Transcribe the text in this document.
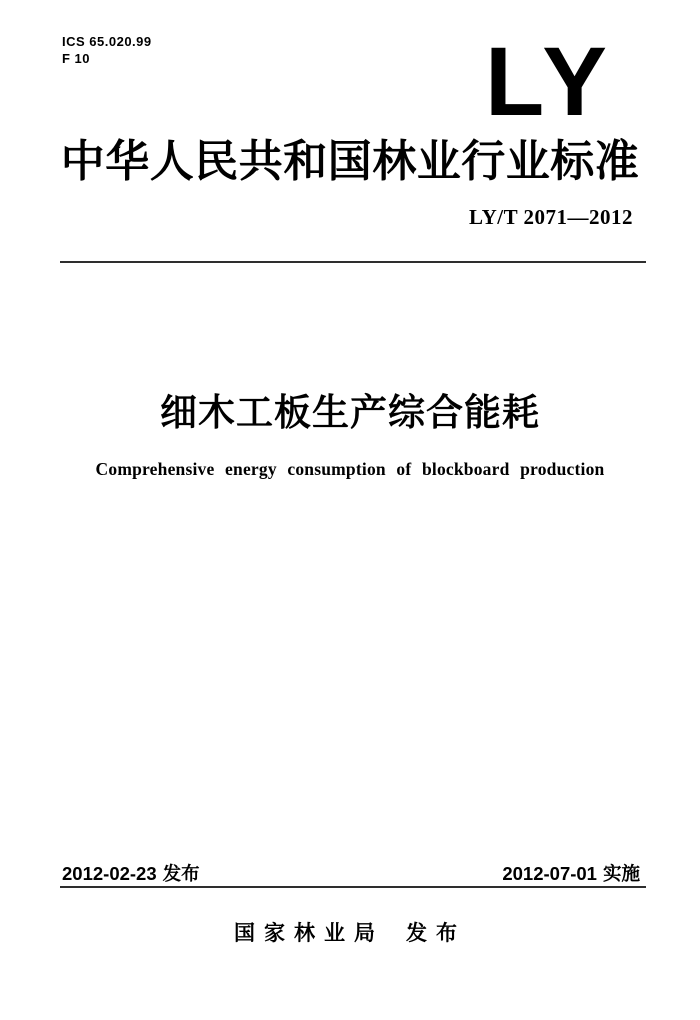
ICS 65.020.99
F 10	LY
中华人民共和国林业行业标准
LY/T 2071—2012
细木工板生产综合能耗
Comprehensive energy consumption of blockboard production
2012-02-23 发布	2012-07-01 实施
国家林业局 发布
